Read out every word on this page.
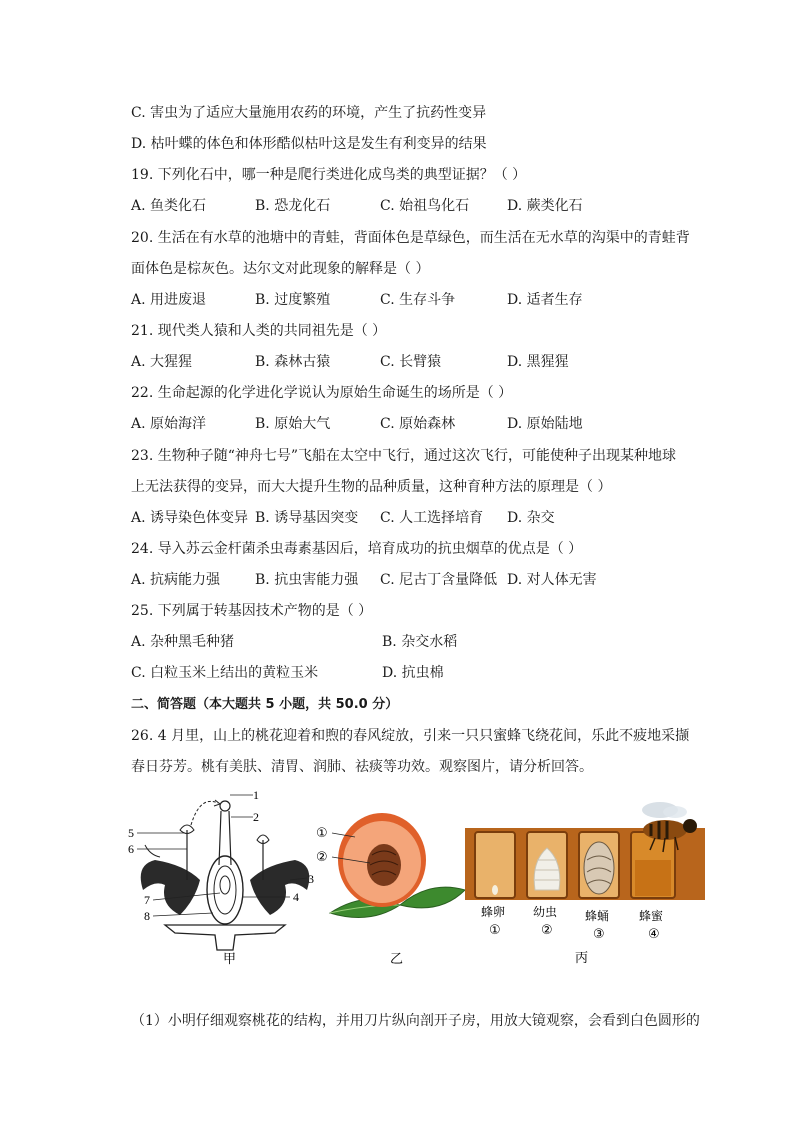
C. 害虫为了适应大量施用农药的环境，产生了抗药性变异
D. 枯叶蝶的体色和体形酷似枯叶这是发生有利变异的结果
19. 下列化石中，哪一种是爬行类进化成鸟类的典型证据？（ ）
A. 鱼类化石	B. 恐龙化石	C. 始祖鸟化石	D. 蕨类化石
20. 生活在有水草的池塘中的青蛙，背面体色是草绿色，而生活在无水草的沟渠中的青蛙背
面体色是棕灰色。达尔文对此现象的解释是（ ）
A. 用进废退	B. 过度繁殖	C. 生存斗争	D. 适者生存
21. 现代类人猿和人类的共同祖先是（ ）
A. 大猩猩	B. 森林古猿	C. 长臂猿	D. 黑猩猩
22. 生命起源的化学进化学说认为原始生命诞生的场所是（ ）
A. 原始海洋	B. 原始大气	C. 原始森林	D. 原始陆地
23. 生物种子随“神舟七号”飞船在太空中飞行，通过这次飞行，可能使种子出现某种地球
上无法获得的变异，而大大提升生物的品种质量，这种育种方法的原理是（ ）
A. 诱导染色体变异 B. 诱导基因突变 C. 人工选择培育 D. 杂交
24. 导入苏云金杆菌杀虫毒素基因后，培育成功的抗虫烟草的优点是（ ）
A. 抗病能力强 B. 抗虫害能力强 C. 尼古丁含量降低 D. 对人体无害
25. 下列属于转基因技术产物的是（ ）
A. 杂种黑毛种猪	B. 杂交水稻
C. 白粒玉米上结出的黄粒玉米	D. 抗虫棉
二、简答题（本大题共 5 小题，共 50.0 分）
26. 4 月里，山上的桃花迎着和煦的春风绽放，引来一只只蜜蜂飞绕花间，乐此不疲地采撷
春日芬芳。桃有美肤、清胃、润肺、祛痰等功效。观察图片，请分析回答。
1
2
3
4
5
6
7
8
甲
①
②
乙
蜂卵
①
幼虫
②
蜂蛹
③
蜂蜜
④
丙
（1）小明仔细观察桃花的结构，并用刀片纵向剖开子房，用放大镜观察，会看到白色圆形的
